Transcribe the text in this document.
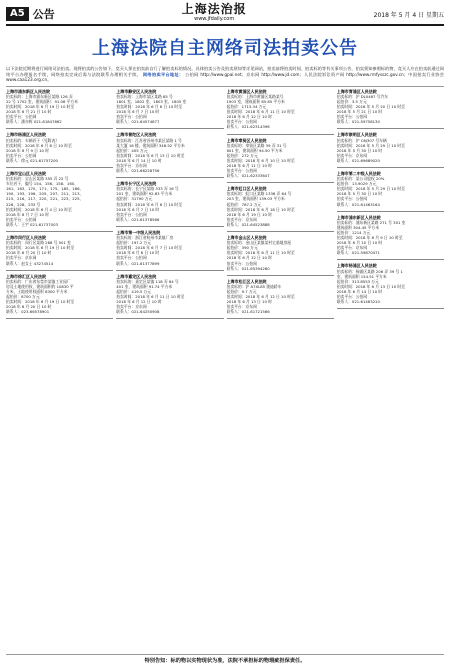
A5 公告	上海法治报
www.jfdaily.com
2018 年 5 月 4 日 星期五
上海法院自主网络司法拍卖公告
以下法院近期将进行网络司法拍卖。现将拍卖的公告如下，竞买人须在拍卖前自行了解拍卖标的情况，具体拍卖公告及拍卖须知等详见网站，拍卖前将拍卖时间、拍卖标的等有关事项公告，拍卖须知参照标的物，竞买人应在拍卖前通过网络平台办理报名手续，网络拍卖完成后需与法院联系办理相关手续。 网络拍卖平台地址： 公拍网 http://www.gpai.net；京东网 http://www.jd.com；人民法院诉讼资产网 http://www.rmfysszc.gov.cn；中国拍卖行业协会 www.caa123.org.cn。
上海市浦东新区人民法院
拍卖标的：上海市浦东新区某路 126 弄
22 号 1702 室，建筑面积：91.08 平方米
拍卖时间：2018 年 6 月 19 日 10 时至
2018 年 6 月 21 日 10 时
拍卖平台：公拍网
联系人：潘亦辉 021-61847662
上海市杨浦区人民法院
拍卖标的：车辆若干（见附表）
拍卖时间：2018 年 6 月 8 日 10 时至
2018 年 6 月 9 日 10 时
拍卖平台：公拍网
联系人：徐元 021-61757200
上海市宝山区人民法院
拍卖标的：宝山区某路 355 弄 22 号
车位若干，编号 154、156、158、160、
161、163、170、171、175、185、186、
190、193、196、205、207、211、213、
215、216、217、220、221、223、225、
226、228、233 号
拍卖时间：2018 年 6 月 4 日 10 时至
2018 年 6 月 7 日 10 时
拍卖平台：公拍网
联系人：王宇 021-61737003
上海市闵行区人民法院
拍卖标的：闵行区某路 268 号 501 室
拍卖时间：2018 年 6 月 19 日 10 时至
2018 年 6 月 20 日 10 时
拍卖平台：京东网
联系人：赵女士 43274514
上海市徐汇区人民法院
拍卖标的：广东省东莞市某镇工业园厂
房及土地使用权，建筑面积约 10830 平
方米，土地使用权面积 8300 平方米
起拍价：8700 万元
拍卖时间：2018 年 6 月 19 日 10 时至
2018 年 6 月 20 日 10 时
联系人：023-66578901
上海市静安区人民法院
拍卖标的：上海市某区某路 85 号
1801 室、1802 室、1803 室、1805 室
拍卖时间：2018 年 6 月 6 日 10 时至
2018 年 6 月 7 日 10 时
拍卖平台：公拍网
联系人：021-64574877
上海市普陀区人民法院
拍卖标的：江苏省苏州市某区某路 1 号
某大厦 16 楼，建筑面积 346.52 平方米
起拍价：405 万元
拍卖时间：2018 年 6 月 13 日 10 时至
2018 年 6 月 14 日 10 时
拍卖平台：京东网
联系人：021-66228756
上海市长宁区人民法院
拍卖标的：长宁区某路 333 弄 16 号
201 室，建筑面积 92.63 平方米
起拍价：31790 万元
拍卖时间：2018 年 6 月 6 日 10 时至
2018 年 6 月 7 日 10 时
拍卖平台：公拍网
联系人：021-61378566
上海市第一中级人民法院
拍卖标的：浙江省杭州市某镇厂房
起拍价：197.2 万元
拍卖时间：2018 年 6 月 7 日 10 时至
2018 年 6 月 8 日 10 时
拍卖平台：公拍网
联系人：021-61377899
上海市嘉定区人民法院
拍卖标的：嘉定区某镇 118 弄 64 号
401 室，建筑面积 91.74 平方米
起拍价：419.5 万元
拍卖时间：2018 年 6 月 11 日 10 时至
2018 年 6 月 12 日 10 时
拍卖平台：京东网
联系人：021-64250908
上海市黄浦区人民法院
拍卖标的：上海市黄浦区某路某号
1903 室，建筑面积 85.85 平方米
起拍价：1713.34 万元
拍卖时间：2018 年 6 月 11 日 10 时至
2018 年 6 月 12 日 10 时
拍卖平台：公拍网
联系人：021-62314396
上海市奉贤区人民法院
拍卖标的：奉贤区某路 39 弄 31 号
601 室，建筑面积 94.50 平方米
起拍价：272 万元
拍卖时间：2018 年 6 月 10 日 10 时至
2018 年 6 月 11 日 10 时
拍卖平台：公拍网
联系人：021-62333647
上海市虹口区人民法院
拍卖标的：虹口区某路 1336 弄 64 号
203 室，建筑面积 139.03 平方米
起拍价：787.2 万元
拍卖时间：2018 年 6 月 18 日 10 时至
2018 年 6 月 19 日 10 时
拍卖平台：京东网
联系人：021-64523888
上海市金山区人民法院
拍卖标的：金山区某镇某村宅基地房屋
起拍价：390 万元
拍卖时间：2018 年 6 月 11 日 10 时至
2018 年 6 月 12 日 10 时
拍卖平台：公拍网
联系人：021-65394280
上海市松江区人民法院
拍卖标的：沪 A7XL85 奥迪轿车
起拍价：9.7 万元
拍卖时间：2018 年 6 月 12 日 10 时至
2018 年 6 月 13 日 10 时
拍卖平台：京东网
联系人：021-61721566
上海市青浦区人民法院
拍卖标的：沪 DL0467 号汽车
起拍价：3.5 万元
拍卖时间：2018 年 5 月 20 日 10 时至
2018 年 5 月 21 日 10 时
拍卖平台：公拍网
联系人：021-59758130
上海市崇明区人民法院
拍卖标的：沪 C6J307 号车辆
拍卖时间：2018 年 5 月 29 日 10 时至
2018 年 5 月 30 日 10 时
拍卖平台：京东网
联系人：021-69689020
上海市第二中级人民法院
拍卖标的：某公司股权 20%
起拍价：13.9029 万元
拍卖时间：2018 年 5 月 29 日 10 时至
2018 年 5 月 30 日 10 时
拍卖平台：公拍网
联系人：021-61463164
上海市浦东新区人民法院
拍卖标的：浦东新区某路 271 号 301 室
建筑面积 304.45 平方米
起拍价：1214 万元
拍卖时间：2018 年 6 月 9 日 10 时至
2018 年 6 月 10 日 10 时
拍卖平台：京东网
联系人：021-59870471
上海市杨浦区人民法院
拍卖标的：杨浦区某路 206 弄 39 号 1
室，建筑面积 154.51 平方米
起拍价：313.8553 万元
拍卖时间：2018 年 6 月 13 日 10 时至
2018 年 6 月 14 日 10 时
拍卖平台：公拍网
联系人：021-61463210
特别告知：标的物以实物现状为准，法院不承担标的物瑕疵担保责任。
